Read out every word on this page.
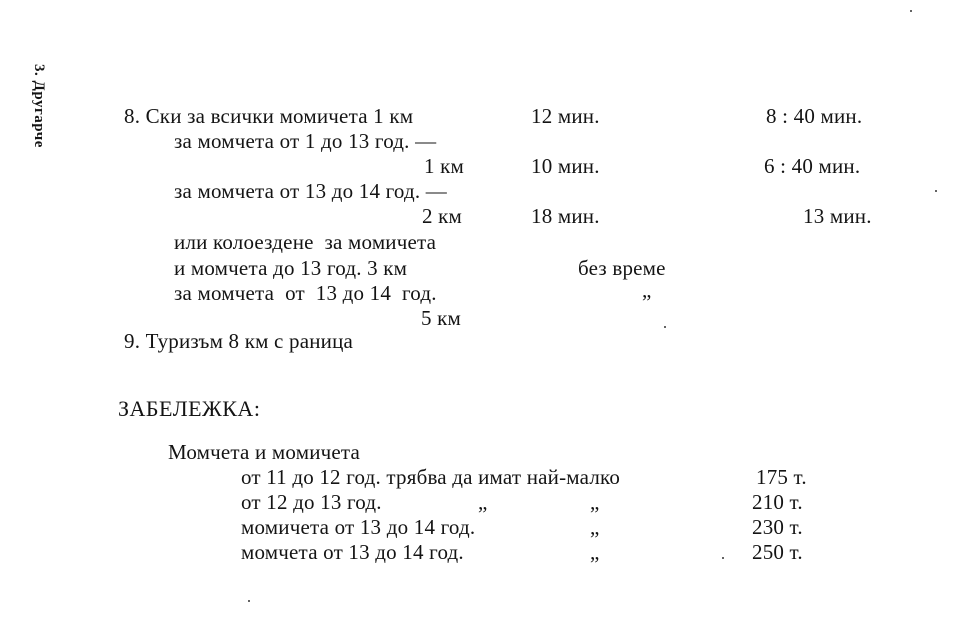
3. Другарче	8. Ски за всички момичета 1 км	12 мин.	8 : 40 мин.
за момчета от 1 до 13 год. —
1 км	10 мин.	6 : 40 мин.
за момчета от 13 до 14 год. —
2 км	18 мин.	13 мин.
или колоездене  за момичета
и момчета до 13 год. 3 км	без време
за момчета  от  13 до 14  год.	„
5 км
9. Туризъм 8 км с раница
ЗАБЕЛЕЖКА:
Момчета и момичета
от 11 до 12 год. трябва да имат най-малко	175 т.
от 12 до 13 год.	„	„	210 т.
момичета от 13 до 14 год.	„	230 т.
момчета от 13 до 14 год.	„	250 т.
